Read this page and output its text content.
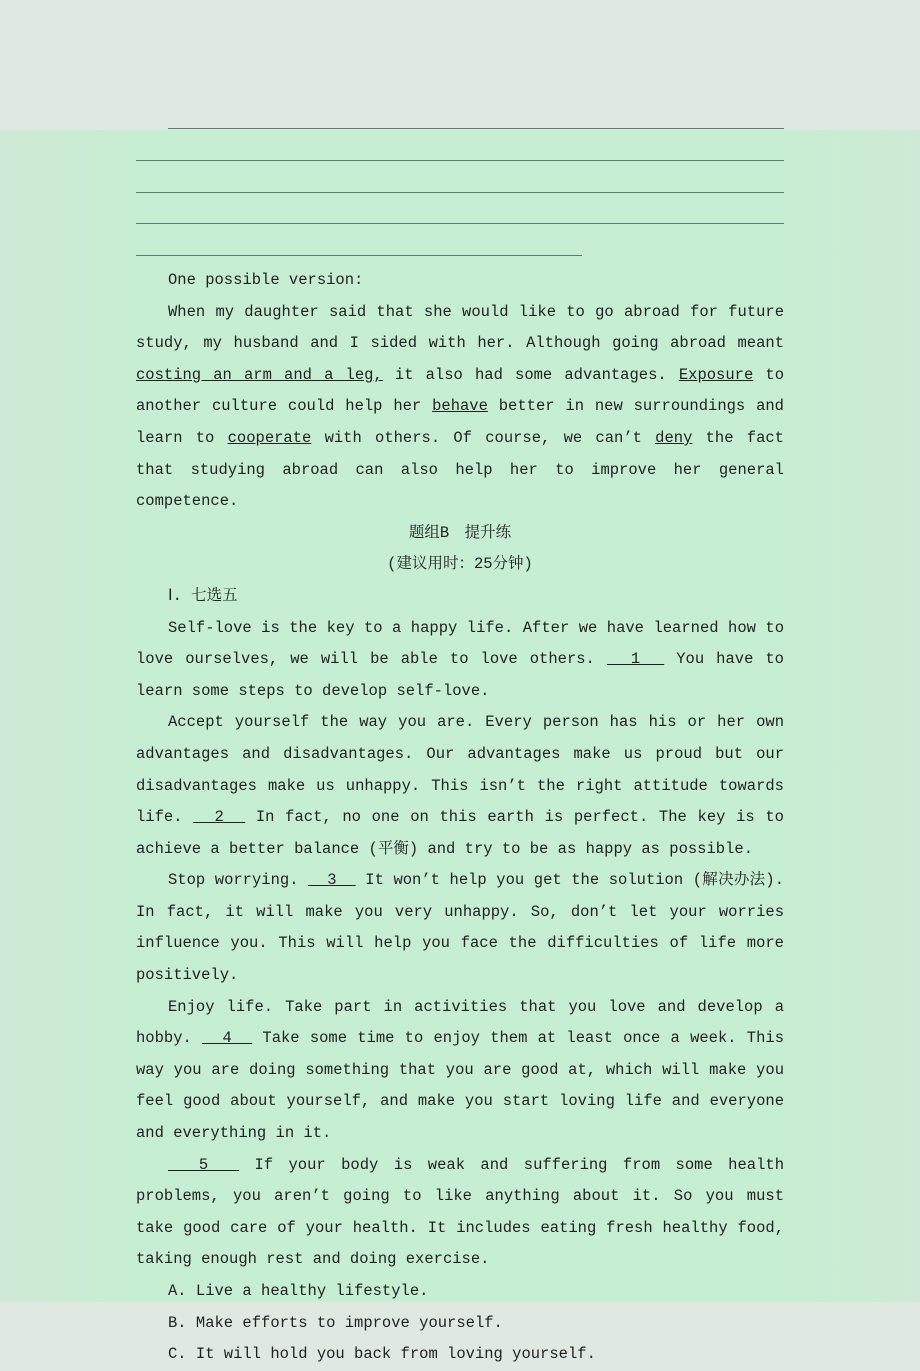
One possible version:

When my daughter said that she would like to go abroad for future study, my husband and I sided with her. Although going abroad meant costing an arm and a leg, it also had some advantages. Exposure to another culture could help her behave better in new surroundings and learn to cooperate with others. Of course, we can’t deny the fact that studying abroad can also help her to improve her general competence.

题组B　提升练

(建议用时：25分钟)

Ⅰ. 七选五

Self-love is the key to a happy life. After we have learned how to love ourselves, we will be able to love others.   1   You have to learn some steps to develop self-love.

Accept yourself the way you are. Every person has his or her own advantages and disadvantages. Our advantages make us proud but our disadvantages make us unhappy. This isn’t the right attitude towards life.   2   In fact, no one on this earth is perfect. The key is to achieve a better balance (平衡) and try to be as happy as possible.

Stop worrying.   3   It won’t help you get the solution (解决办法). In fact, it will make you very unhappy. So, don’t let your worries influence you. This will help you face the difficulties of life more positively.

Enjoy life. Take part in activities that you love and develop a hobby.   4   Take some time to enjoy them at least once a week. This way you are doing something that you are good at, which will make you feel good about yourself, and make you start loving life and everyone and everything in it.

5   If your body is weak and suffering from some health problems, you aren’t going to like anything about it. So you must take good care of your health. It includes eating fresh healthy food, taking enough rest and doing exercise.

A. Live a healthy lifestyle.

B. Make efforts to improve yourself.

C. It will hold you back from loving yourself.
